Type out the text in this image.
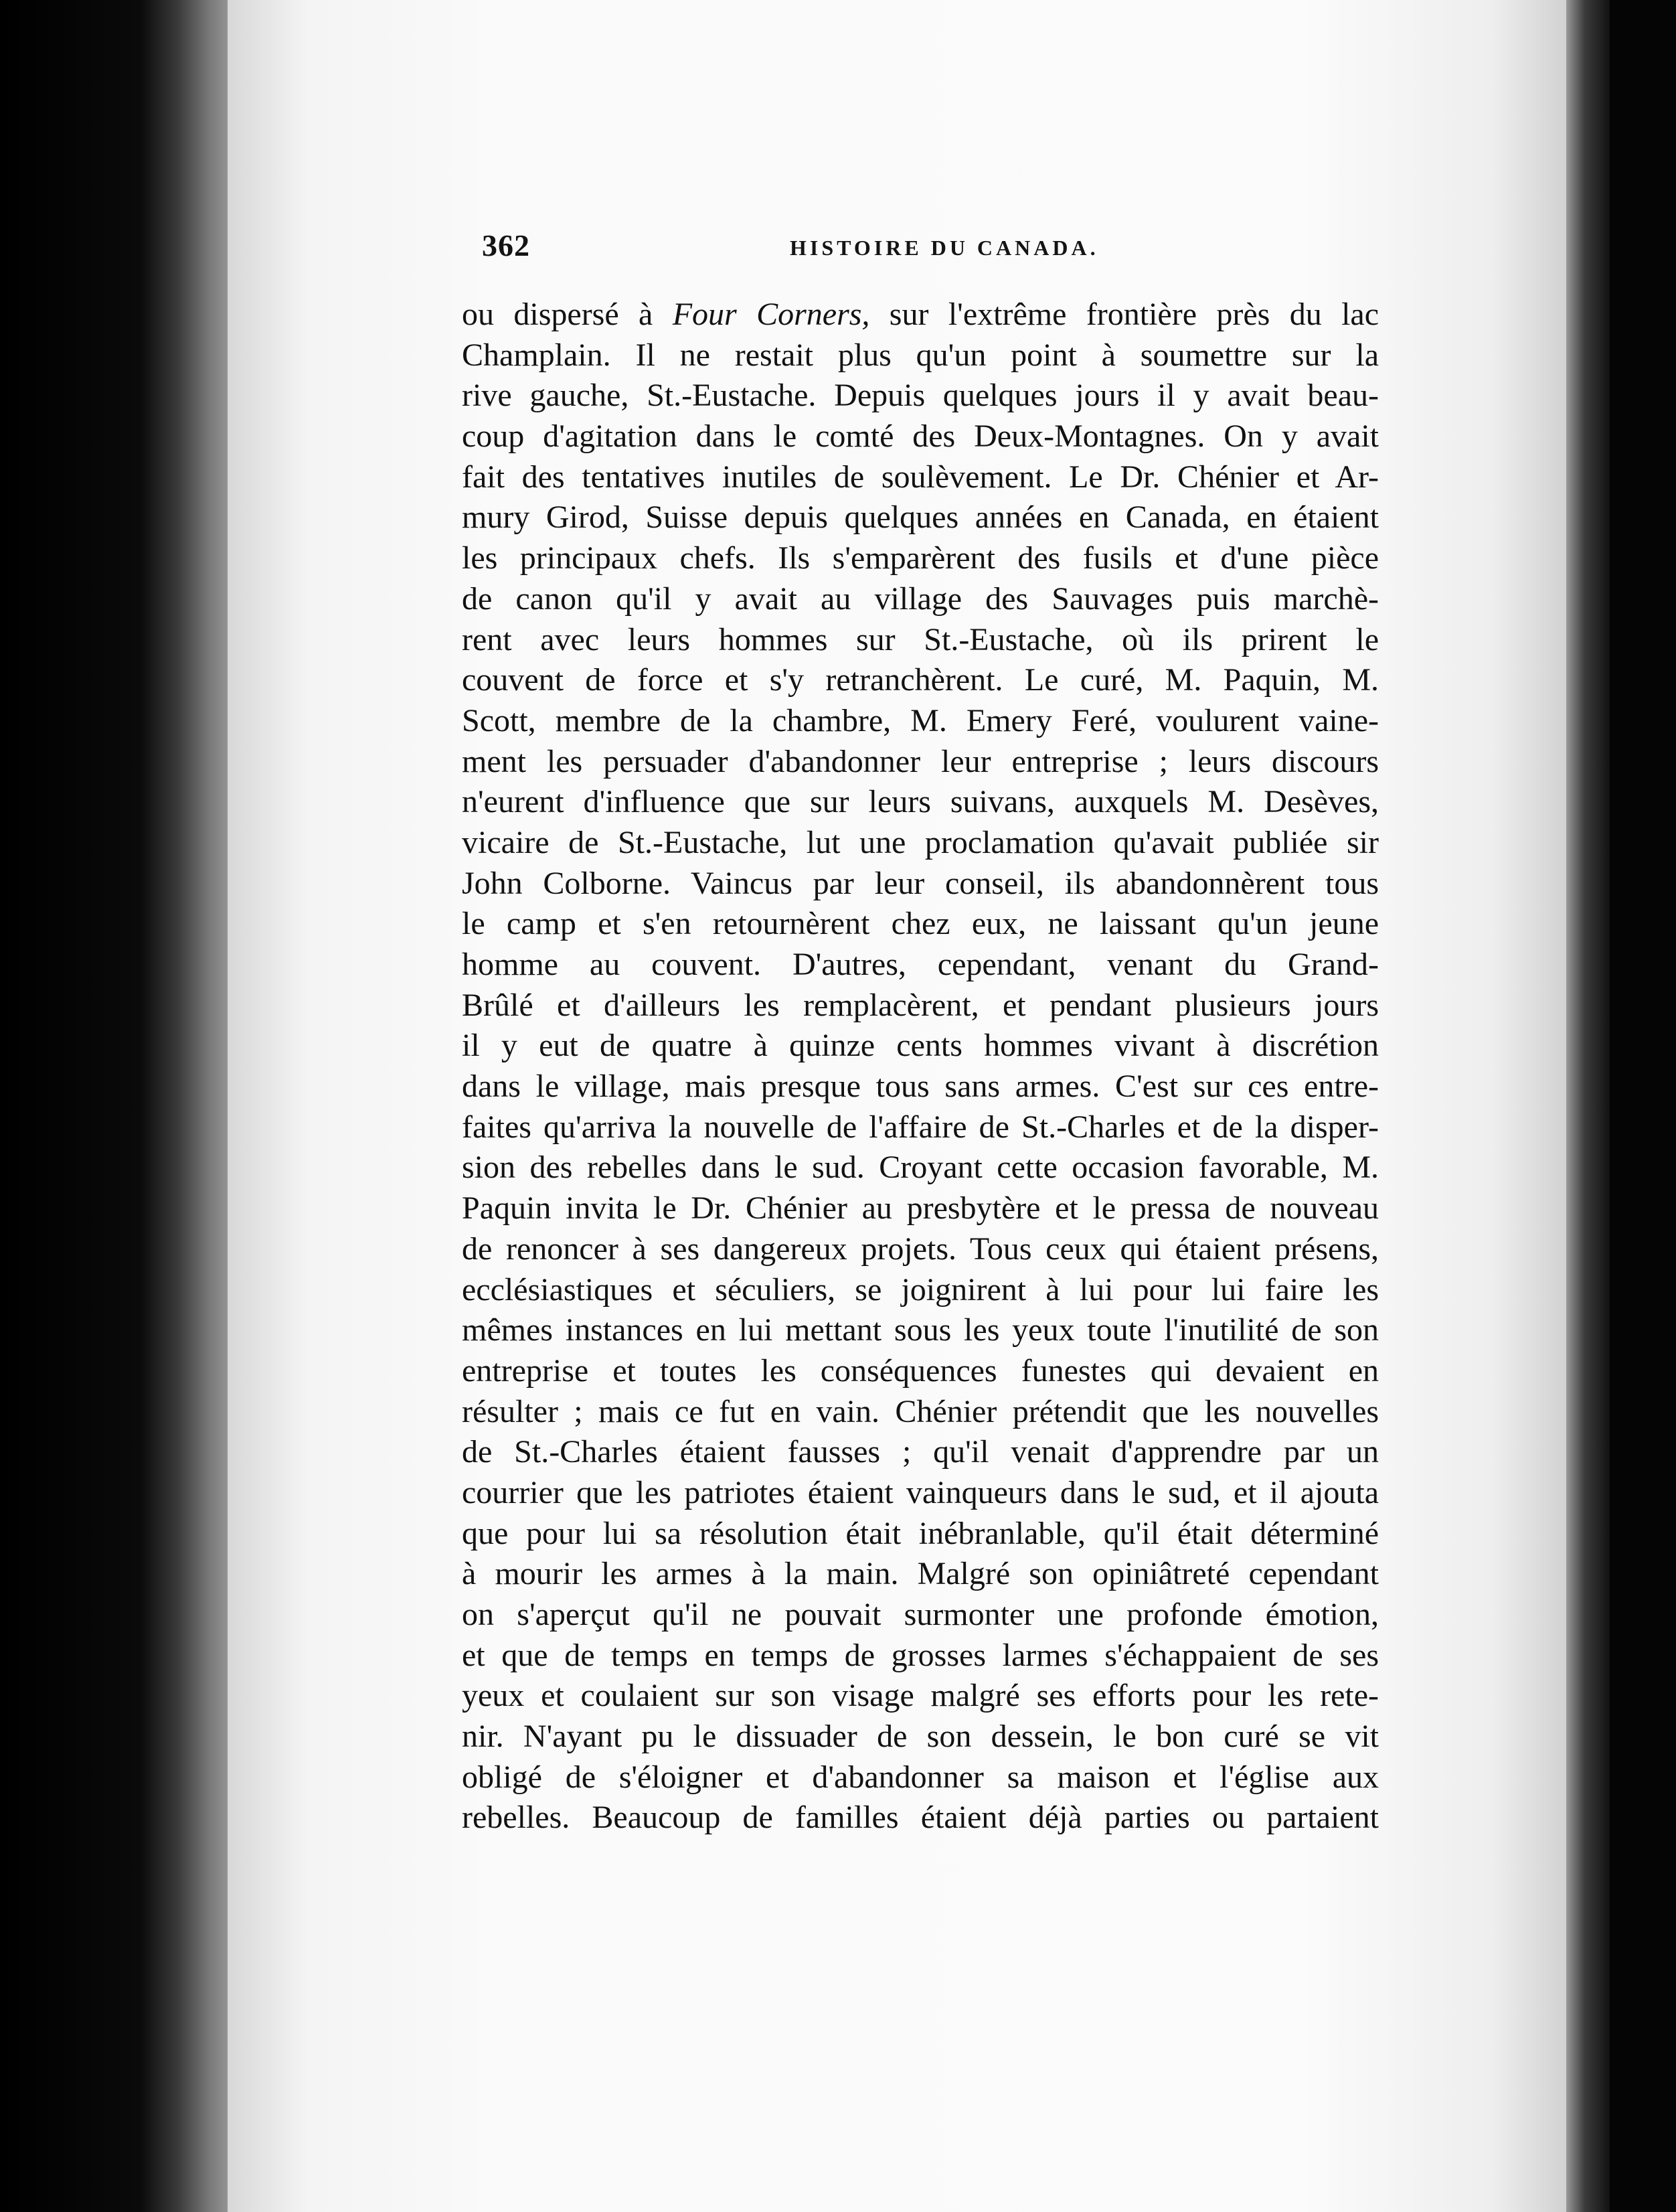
362	HISTOIRE DU CANADA.
ou dispersé à Four Corners, sur l'extrême frontière près du lac
Champlain. Il ne restait plus qu'un point à soumettre sur la
rive gauche, St.-Eustache. Depuis quelques jours il y avait beau-
coup d'agitation dans le comté des Deux-Montagnes. On y avait
fait des tentatives inutiles de soulèvement. Le Dr. Chénier et Ar-
mury Girod, Suisse depuis quelques années en Canada, en étaient
les principaux chefs. Ils s'emparèrent des fusils et d'une pièce
de canon qu'il y avait au village des Sauvages puis marchè-
rent avec leurs hommes sur St.-Eustache, où ils prirent le
couvent de force et s'y retranchèrent. Le curé, M. Paquin, M.
Scott, membre de la chambre, M. Emery Feré, voulurent vaine-
ment les persuader d'abandonner leur entreprise ; leurs discours
n'eurent d'influence que sur leurs suivans, auxquels M. Desèves,
vicaire de St.-Eustache, lut une proclamation qu'avait publiée sir
John Colborne. Vaincus par leur conseil, ils abandonnèrent tous
le camp et s'en retournèrent chez eux, ne laissant qu'un jeune
homme au couvent. D'autres, cependant, venant du Grand-
Brûlé et d'ailleurs les remplacèrent, et pendant plusieurs jours
il y eut de quatre à quinze cents hommes vivant à discrétion
dans le village, mais presque tous sans armes. C'est sur ces entre-
faites qu'arriva la nouvelle de l'affaire de St.-Charles et de la disper-
sion des rebelles dans le sud. Croyant cette occasion favorable, M.
Paquin invita le Dr. Chénier au presbytère et le pressa de nouveau
de renoncer à ses dangereux projets. Tous ceux qui étaient présens,
ecclésiastiques et séculiers, se joignirent à lui pour lui faire les
mêmes instances en lui mettant sous les yeux toute l'inutilité de son
entreprise et toutes les conséquences funestes qui devaient en
résulter ; mais ce fut en vain. Chénier prétendit que les nouvelles
de St.-Charles étaient fausses ; qu'il venait d'apprendre par un
courrier que les patriotes étaient vainqueurs dans le sud, et il ajouta
que pour lui sa résolution était inébranlable, qu'il était déterminé
à mourir les armes à la main. Malgré son opiniâtreté cependant
on s'aperçut qu'il ne pouvait surmonter une profonde émotion,
et que de temps en temps de grosses larmes s'échappaient de ses
yeux et coulaient sur son visage malgré ses efforts pour les rete-
nir. N'ayant pu le dissuader de son dessein, le bon curé se vit
obligé de s'éloigner et d'abandonner sa maison et l'église aux
rebelles. Beaucoup de familles étaient déjà parties ou partaient
